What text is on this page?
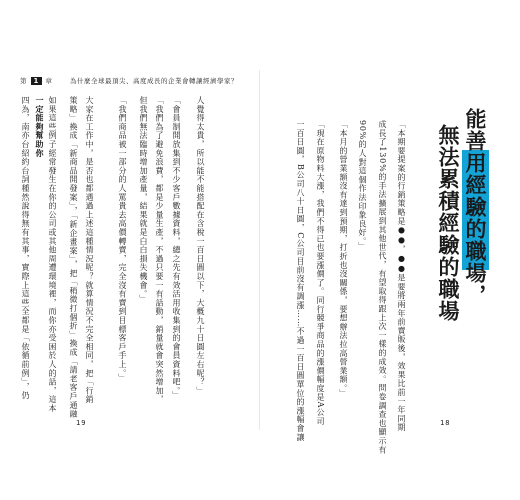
第 1 章	為什麼全球最頂尖、高度成長的企業會轉讓經濟學家？
四為，南亦台紹約台詞種然說得無有其事，實際上這些全都是「依循前例」，仍 一定能夠幫助你 如果這些例子經常發生在你的公司或其他周遭環境裡，而你亦受困於人的話，這本 策略」換成「新商品開發案」，「新企畫案」，把「稍微打個折」換成「請老客戶通融 大家在工作中，是否也都遇過上述這種情況呢？就算情況不完全相同，把「行銷	「我們商品被一部分的人罵貴去高價轉賣，完全沒有賣到目標客戶手上。」 但我們無法臨時增加產量，結果就是白白損失機會。」 「我們為了避免浪費，都是少量生產，不過只要一有話動，銷量就會突然增加， 「會員制開放集到不少客戶數據資料，總之先有效活用收集到的會員資料吧。」 人覺得太貴，所以能不能搭配在含稅一百日圓以下，大概九十日圓左右呢？」
19	一百日圓，B公司八十日圓，C公司目前沒有調漲……不過一百日圓單位的漲幅會讓 「現在原物料大漲，我們不得已也要漲價了。同行競爭商品的漲價幅度是A公司 「本月的營業額沒有達到預期，打折也沒關係，要想辦法拉高營業額。」 90%的人對這個作法印象良好。」 成長了130%的手法擴展到其他世代，有望取得跟上次一樣的成效。問卷調查也顯示有 「本期要提案的行銷策略是●●，●●是要將兩年前賣販後，效果比前一年同期 無法累積經驗的職場 能善用經驗的職場，
18
